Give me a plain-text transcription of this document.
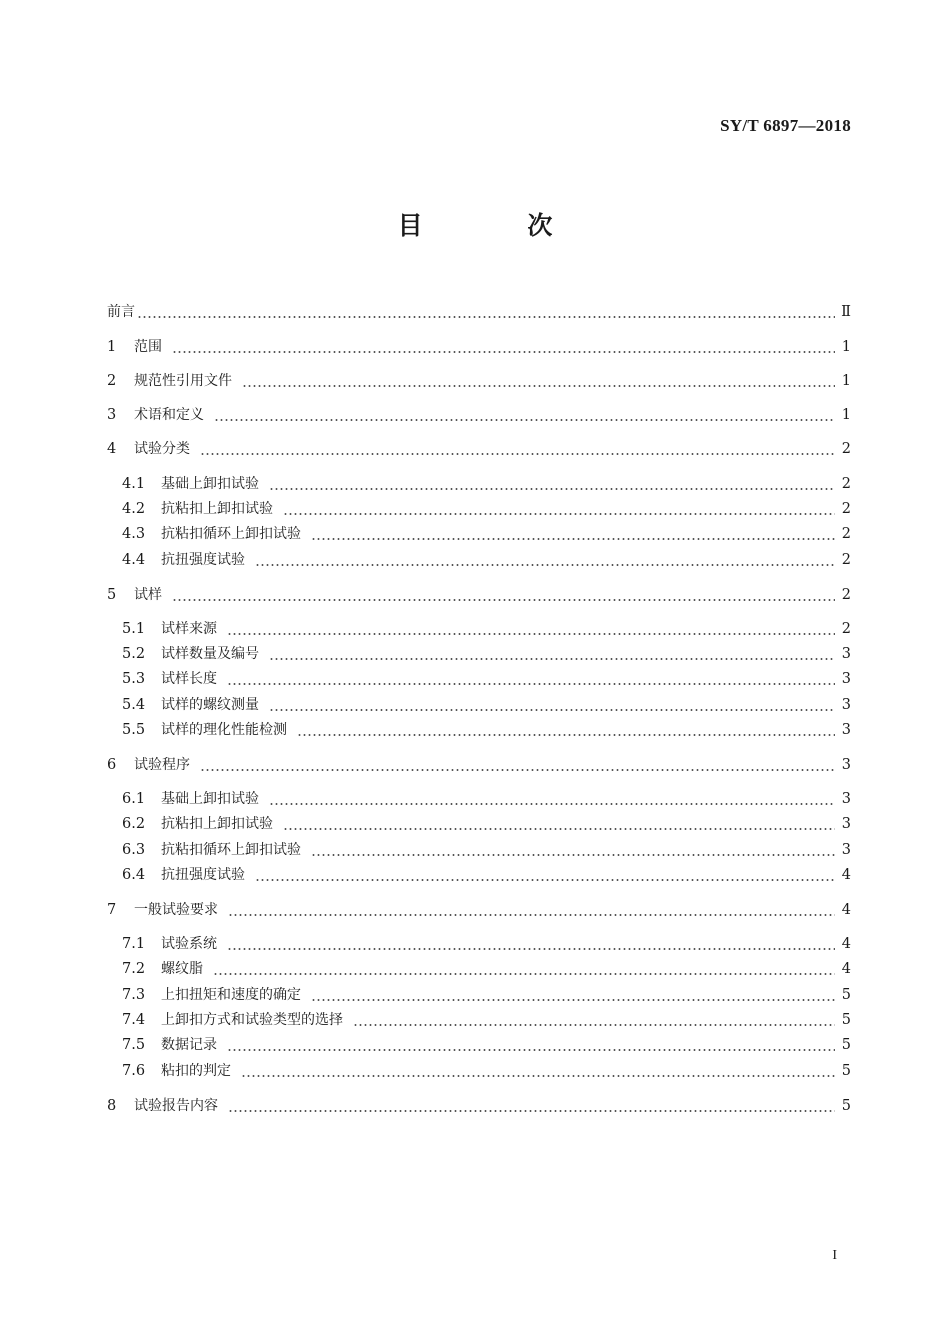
SY/T 6897—2018
目 次
前言	Ⅱ
1	范围	1
2	规范性引用文件	1
3	术语和定义	1
4	试验分类	2
4.1	基础上卸扣试验	2
4.2	抗粘扣上卸扣试验	2
4.3	抗粘扣循环上卸扣试验	2
4.4	抗扭强度试验	2
5	试样	2
5.1	试样来源	2
5.2	试样数量及编号	3
5.3	试样长度	3
5.4	试样的螺纹测量	3
5.5	试样的理化性能检测	3
6	试验程序	3
6.1	基础上卸扣试验	3
6.2	抗粘扣上卸扣试验	3
6.3	抗粘扣循环上卸扣试验	3
6.4	抗扭强度试验	4
7	一般试验要求	4
7.1	试验系统	4
7.2	螺纹脂	4
7.3	上扣扭矩和速度的确定	5
7.4	上卸扣方式和试验类型的选择	5
7.5	数据记录	5
7.6	粘扣的判定	5
8	试验报告内容	5
I
